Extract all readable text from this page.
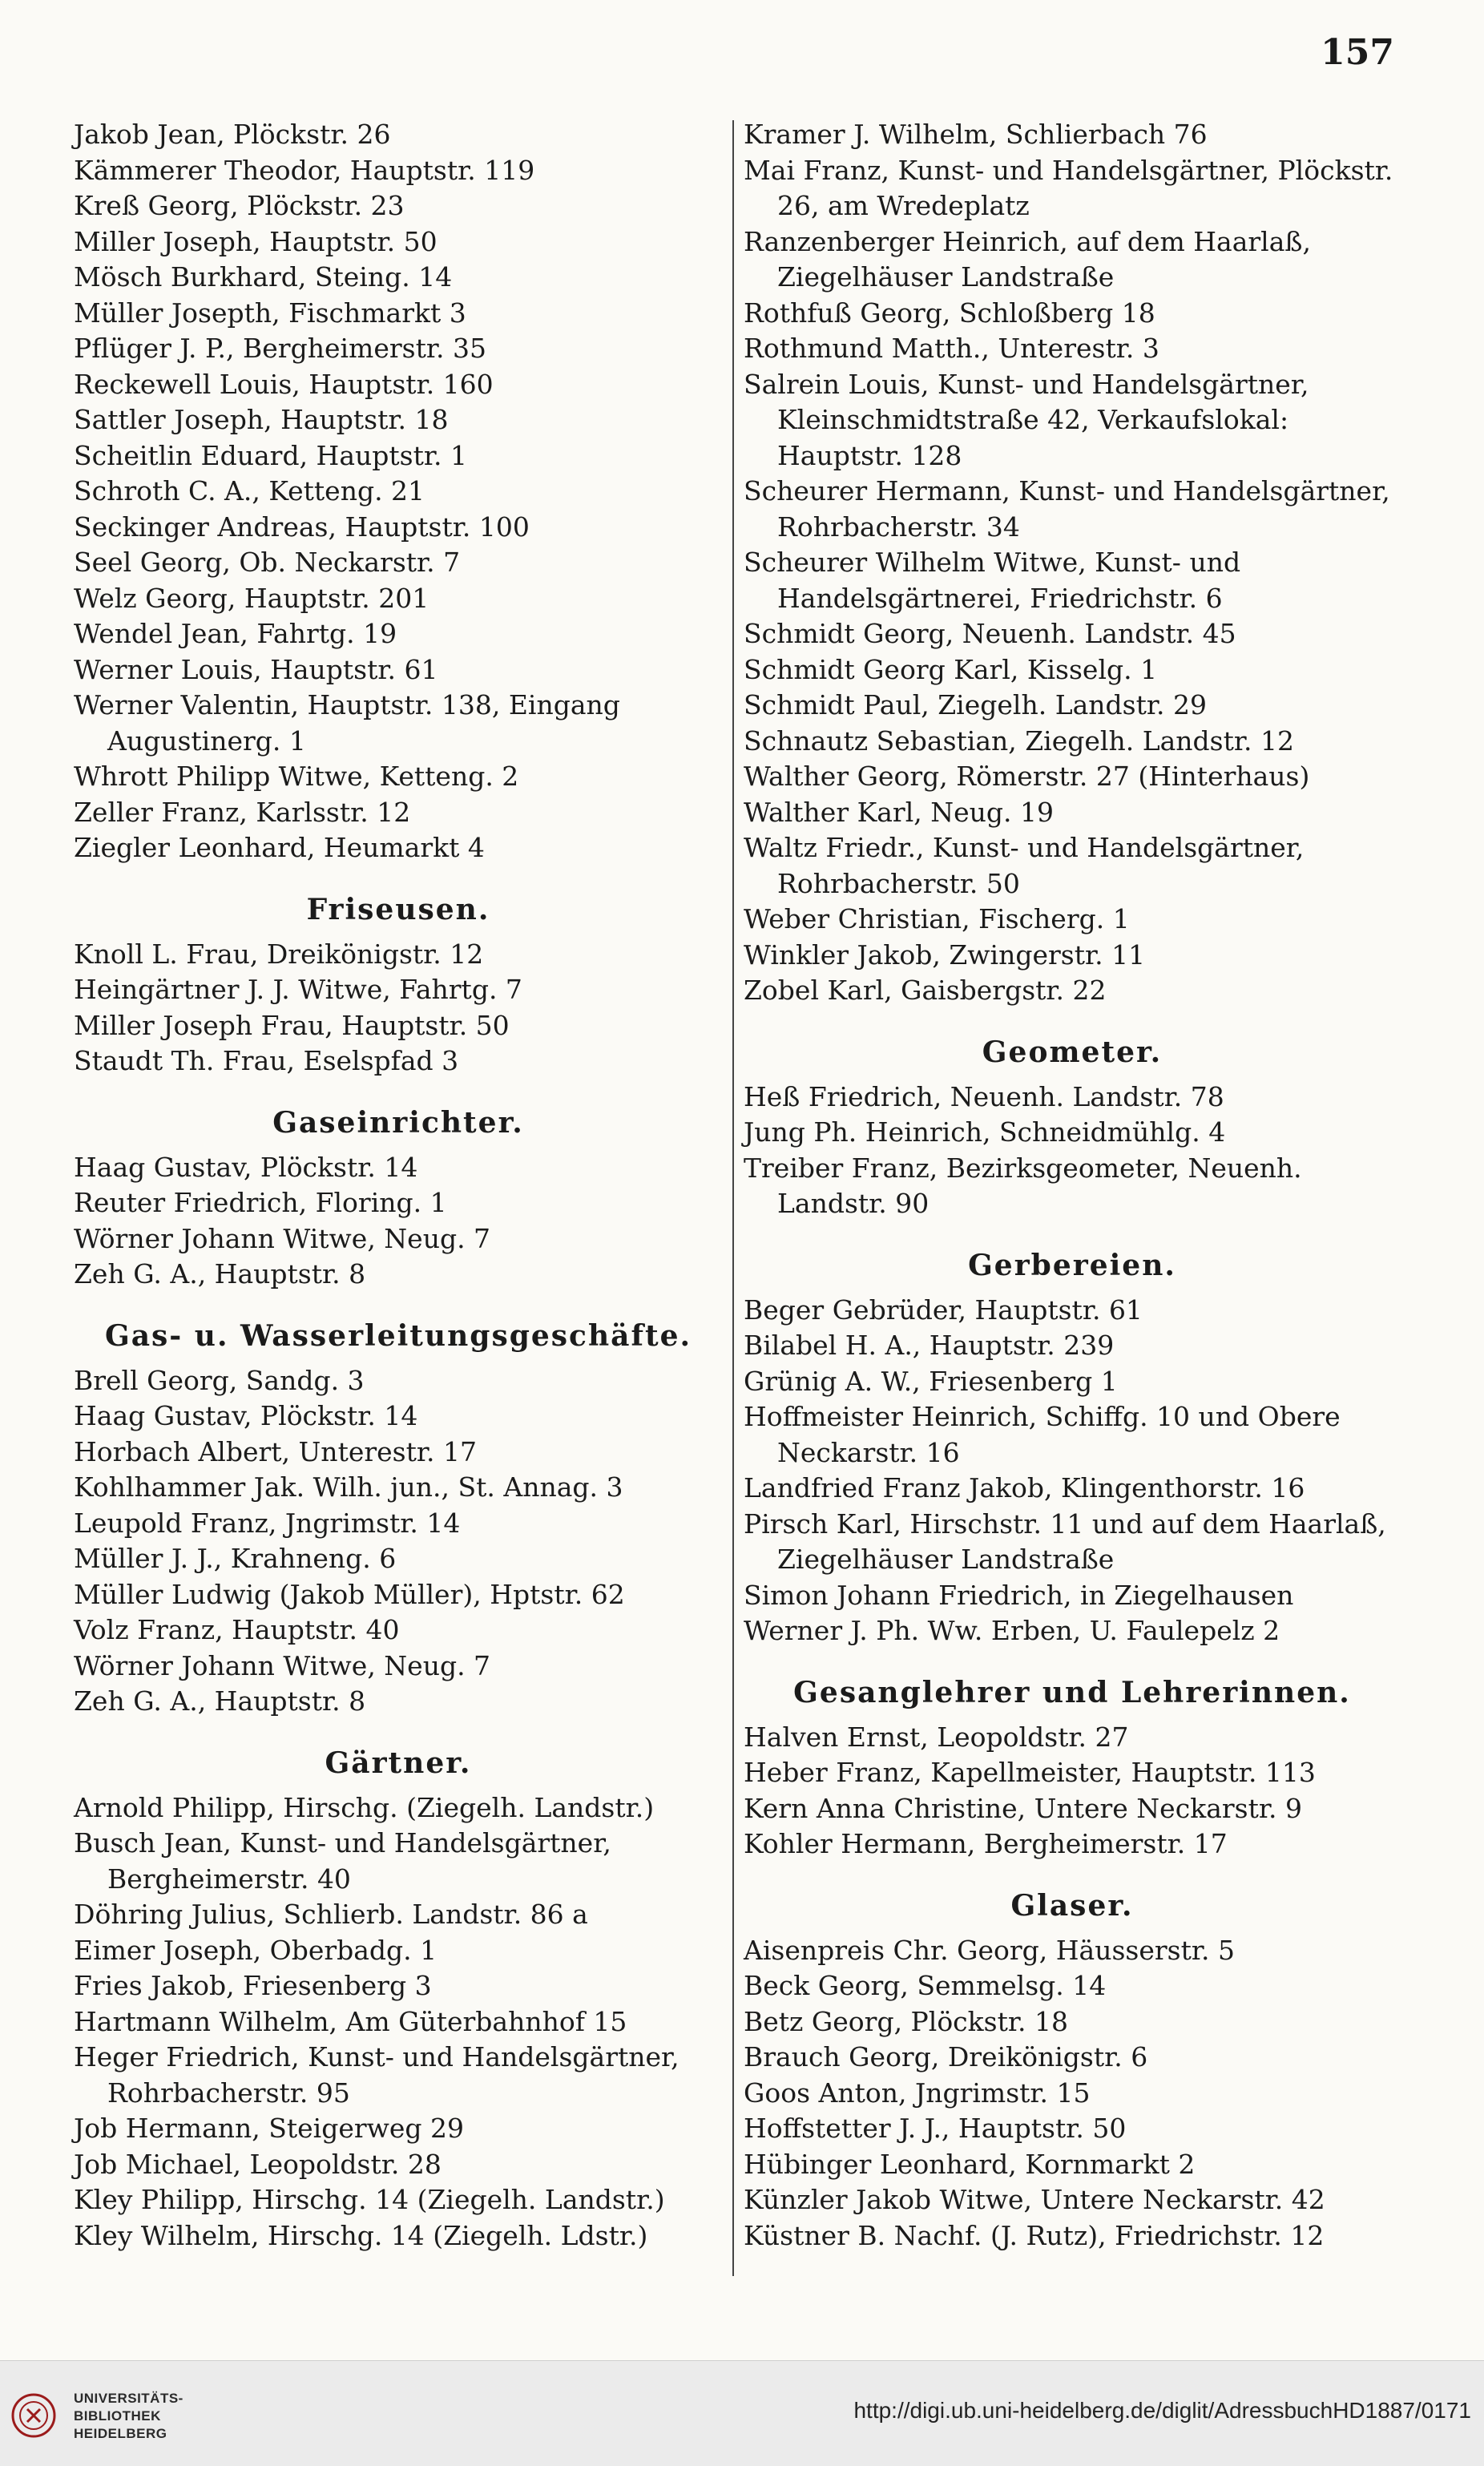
157
Jakob Jean, Plöckstr. 26
Kämmerer Theodor, Hauptstr. 119
Kreß Georg, Plöckstr. 23
Miller Joseph, Hauptstr. 50
Mösch Burkhard, Steing. 14
Müller Josepth, Fischmarkt 3
Pflüger J. P., Bergheimerstr. 35
Reckewell Louis, Hauptstr. 160
Sattler Joseph, Hauptstr. 18
Scheitlin Eduard, Hauptstr. 1
Schroth C. A., Ketteng. 21
Seckinger Andreas, Hauptstr. 100
Seel Georg, Ob. Neckarstr. 7
Welz Georg, Hauptstr. 201
Wendel Jean, Fahrtg. 19
Werner Louis, Hauptstr. 61
Werner Valentin, Hauptstr. 138, Eingang Augustinerg. 1
Whrott Philipp Witwe, Ketteng. 2
Zeller Franz, Karlsstr. 12
Ziegler Leonhard, Heumarkt 4
Friseusen.
Knoll L. Frau, Dreikönigstr. 12
Heingärtner J. J. Witwe, Fahrtg. 7
Miller Joseph Frau, Hauptstr. 50
Staudt Th. Frau, Eselspfad 3
Gaseinrichter.
Haag Gustav, Plöckstr. 14
Reuter Friedrich, Floring. 1
Wörner Johann Witwe, Neug. 7
Zeh G. A., Hauptstr. 8
Gas- u. Wasserleitungsgeschäfte.
Brell Georg, Sandg. 3
Haag Gustav, Plöckstr. 14
Horbach Albert, Unterestr. 17
Kohlhammer Jak. Wilh. jun., St. Annag. 3
Leupold Franz, Jngrimstr. 14
Müller J. J., Krahneng. 6
Müller Ludwig (Jakob Müller), Hptstr. 62
Volz Franz, Hauptstr. 40
Wörner Johann Witwe, Neug. 7
Zeh G. A., Hauptstr. 8
Gärtner.
Arnold Philipp, Hirschg. (Ziegelh. Landstr.)
Busch Jean, Kunst- und Handelsgärtner, Bergheimerstr. 40
Döhring Julius, Schlierb. Landstr. 86 a
Eimer Joseph, Oberbadg. 1
Fries Jakob, Friesenberg 3
Hartmann Wilhelm, Am Güterbahnhof 15
Heger Friedrich, Kunst- und Handelsgärtner, Rohrbacherstr. 95
Job Hermann, Steigerweg 29
Job Michael, Leopoldstr. 28
Kley Philipp, Hirschg. 14 (Ziegelh. Landstr.)
Kley Wilhelm, Hirschg. 14 (Ziegelh. Ldstr.)
Kramer J. Wilhelm, Schlierbach 76
Mai Franz, Kunst- und Handelsgärtner, Plöckstr. 26, am Wredeplatz
Ranzenberger Heinrich, auf dem Haarlaß, Ziegelhäuser Landstraße
Rothfuß Georg, Schloßberg 18
Rothmund Matth., Unterestr. 3
Salrein Louis, Kunst- und Handelsgärtner, Kleinschmidtstraße 42, Verkaufslokal: Hauptstr. 128
Scheurer Hermann, Kunst- und Handelsgärtner, Rohrbacherstr. 34
Scheurer Wilhelm Witwe, Kunst- und Handelsgärtnerei, Friedrichstr. 6
Schmidt Georg, Neuenh. Landstr. 45
Schmidt Georg Karl, Kisselg. 1
Schmidt Paul, Ziegelh. Landstr. 29
Schnautz Sebastian, Ziegelh. Landstr. 12
Walther Georg, Römerstr. 27 (Hinterhaus)
Walther Karl, Neug. 19
Waltz Friedr., Kunst- und Handelsgärtner, Rohrbacherstr. 50
Weber Christian, Fischerg. 1
Winkler Jakob, Zwingerstr. 11
Zobel Karl, Gaisbergstr. 22
Geometer.
Heß Friedrich, Neuenh. Landstr. 78
Jung Ph. Heinrich, Schneidmühlg. 4
Treiber Franz, Bezirksgeometer, Neuenh. Landstr. 90
Gerbereien.
Beger Gebrüder, Hauptstr. 61
Bilabel H. A., Hauptstr. 239
Grünig A. W., Friesenberg 1
Hoffmeister Heinrich, Schiffg. 10 und Obere Neckarstr. 16
Landfried Franz Jakob, Klingenthorstr. 16
Pirsch Karl, Hirschstr. 11 und auf dem Haarlaß, Ziegelhäuser Landstraße
Simon Johann Friedrich, in Ziegelhausen
Werner J. Ph. Ww. Erben, U. Faulepelz 2
Gesanglehrer und Lehrerinnen.
Halven Ernst, Leopoldstr. 27
Heber Franz, Kapellmeister, Hauptstr. 113
Kern Anna Christine, Untere Neckarstr. 9
Kohler Hermann, Bergheimerstr. 17
Glaser.
Aisenpreis Chr. Georg, Häusserstr. 5
Beck Georg, Semmelsg. 14
Betz Georg, Plöckstr. 18
Brauch Georg, Dreikönigstr. 6
Goos Anton, Jngrimstr. 15
Hoffstetter J. J., Hauptstr. 50
Hübinger Leonhard, Kornmarkt 2
Künzler Jakob Witwe, Untere Neckarstr. 42
Küstner B. Nachf. (J. Rutz), Friedrichstr. 12
UNIVERSITÄTS-
BIBLIOTHEK
HEIDELBERG
http://digi.ub.uni-heidelberg.de/diglit/AdressbuchHD1887/0171
